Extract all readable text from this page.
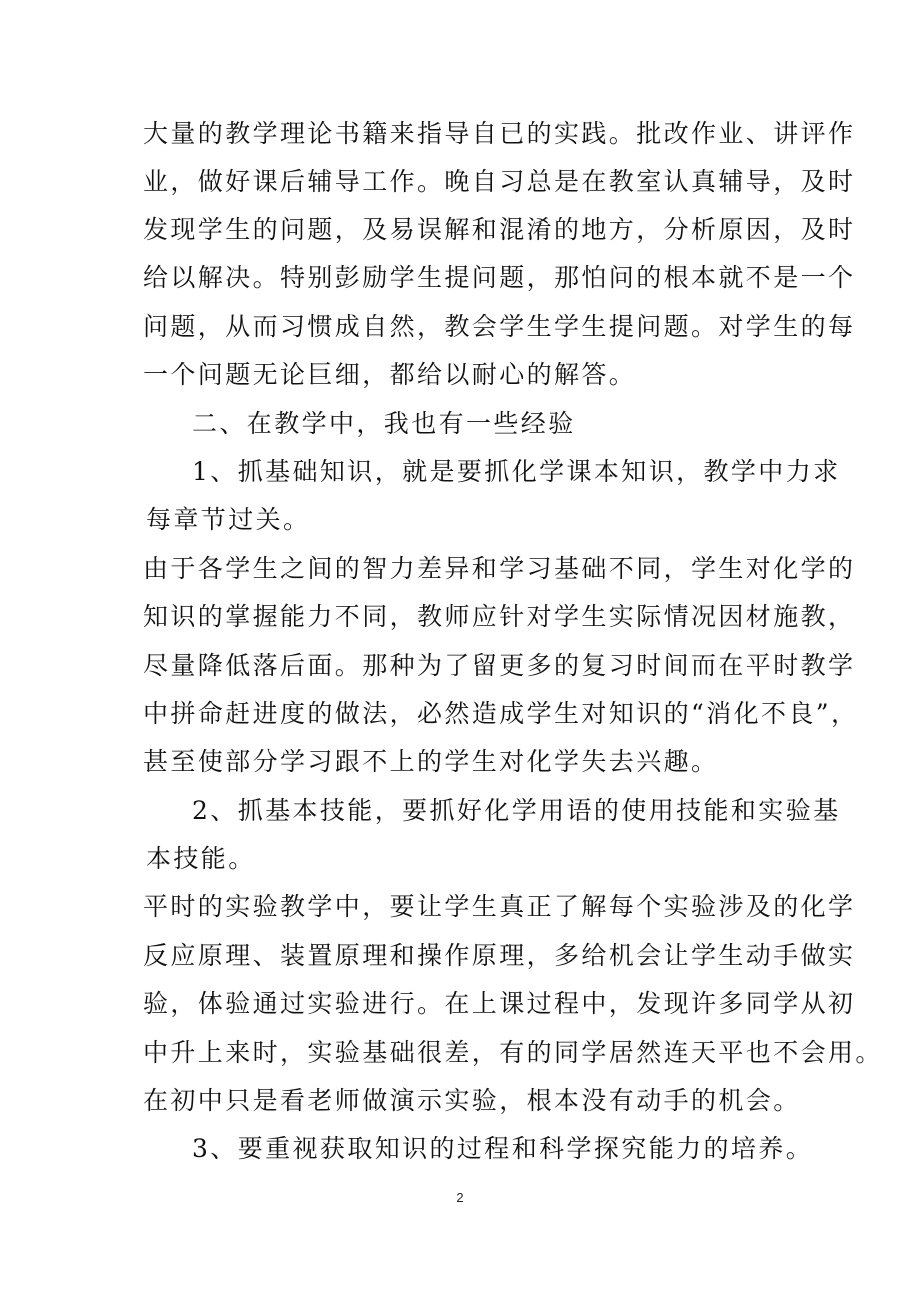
大量的教学理论书籍来指导自已的实践。批改作业、讲评作
业，做好课后辅导工作。晚自习总是在教室认真辅导，及时
发现学生的问题，及易误解和混淆的地方，分析原因，及时
给以解决。特别彭励学生提问题，那怕问的根本就不是一个
问题，从而习惯成自然，教会学生学生提问题。对学生的每
一个问题无论巨细，都给以耐心的解答。
二、在教学中，我也有一些经验
1、抓基础知识，就是要抓化学课本知识，教学中力求
每章节过关。
由于各学生之间的智力差异和学习基础不同，学生对化学的
知识的掌握能力不同，教师应针对学生实际情况因材施教，
尽量降低落后面。那种为了留更多的复习时间而在平时教学
中拼命赶进度的做法，必然造成学生对知识的“消化不良”，
甚至使部分学习跟不上的学生对化学失去兴趣。
2、抓基本技能，要抓好化学用语的使用技能和实验基
本技能。
平时的实验教学中，要让学生真正了解每个实验涉及的化学
反应原理、装置原理和操作原理，多给机会让学生动手做实
验，体验通过实验进行。在上课过程中，发现许多同学从初
中升上来时，实验基础很差，有的同学居然连天平也不会用。
在初中只是看老师做演示实验，根本没有动手的机会。
3、要重视获取知识的过程和科学探究能力的培养。
2
